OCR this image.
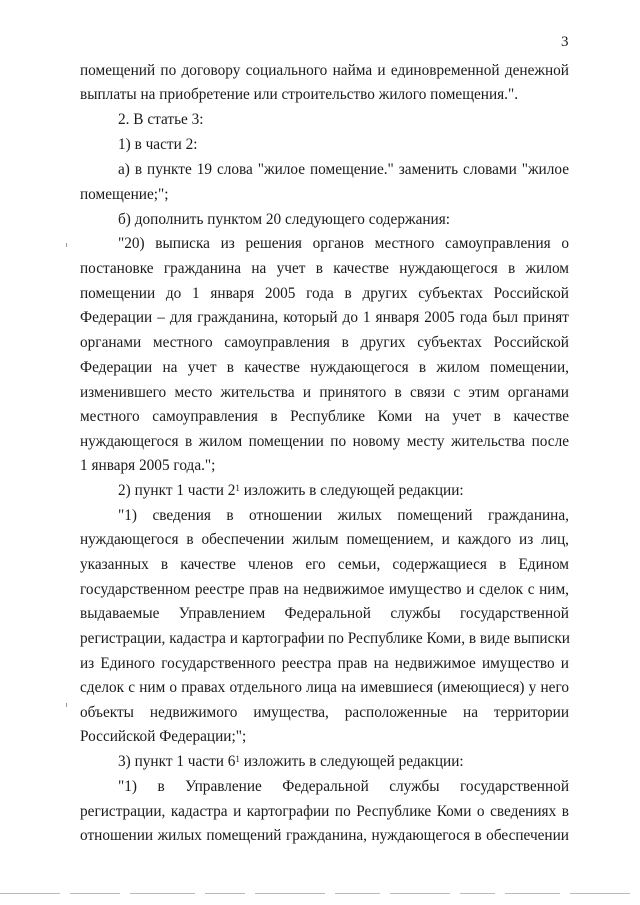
3
помещений по договору социального найма и единовременной денежной
выплаты на приобретение или строительство жилого помещения.".
2. В статье 3:
1) в части 2:
а) в пункте 19 слова "жилое помещение." заменить словами "жилое
помещение;";
б) дополнить пунктом 20 следующего содержания:
"20) выписка из решения органов местного самоуправления о
постановке гражданина на учет в качестве нуждающегося в жилом
помещении до 1 января 2005 года в других субъектах Российской
Федерации – для гражданина, который до 1 января 2005 года был принят
органами местного самоуправления в других субъектах Российской
Федерации на учет в качестве нуждающегося в жилом помещении,
изменившего место жительства и принятого в связи с этим органами
местного самоуправления в Республике Коми на учет в качестве
нуждающегося в жилом помещении по новому месту жительства после
1 января 2005 года.";
2) пункт 1 части $2^1$ изложить в следующей редакции:
"1) сведения в отношении жилых помещений гражданина,
нуждающегося в обеспечении жилым помещением, и каждого из лиц,
указанных в качестве членов его семьи, содержащиеся в Едином
государственном реестре прав на недвижимое имущество и сделок с ним,
выдаваемые Управлением Федеральной службы государственной
регистрации, кадастра и картографии по Республике Коми, в виде выписки
из Единого государственного реестра прав на недвижимое имущество и
сделок с ним о правах отдельного лица на имевшиеся (имеющиеся) у него
объекты недвижимого имущества, расположенные на территории
Российской Федерации;";
3) пункт 1 части $6^1$ изложить в следующей редакции:
"1) в Управление Федеральной службы государственной
регистрации, кадастра и картографии по Республике Коми о сведениях в
отношении жилых помещений гражданина, нуждающегося в обеспечении
